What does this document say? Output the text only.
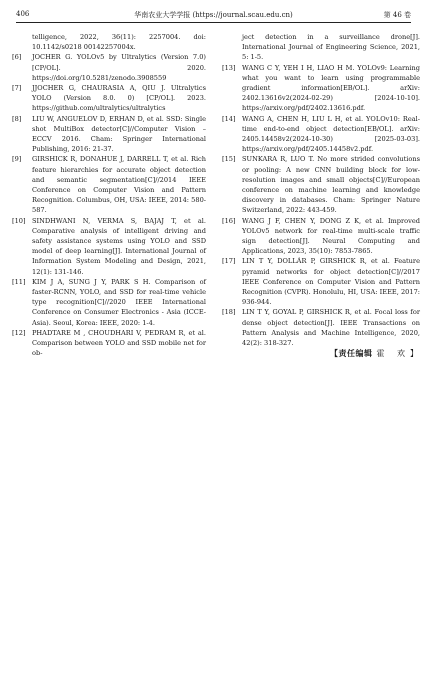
406	华南农业大学学报 (https://journal.scau.edu.cn)	第 46 卷
telligence, 2022, 36(11): 2257004. doi: 10.1142/s0218 00142257004x.
[6] JOCHER G. YOLOv5 by Ultralytics (Version 7.0) [CP/OL]. 2020. https://doi.org/10.5281/zenodo.3908559
[7] JJOCHER G, CHAURASIA A, QIU J. Ultralytics YOLO (Version 8.0. 0) [CP/OL]. 2023. https://github.com/ultralytics/ultralytics
[8] LIU W, ANGUELOV D, ERHAN D, et al. SSD: Single shot MultiBox detector[C]//Computer Vision – ECCV 2016. Cham: Springer International Publishing, 2016: 21-37.
[9] GIRSHICK R, DONAHUE J, DARRELL T, et al. Rich feature hierarchies for accurate object detection and semantic segmentation[C]//2014 IEEE Conference on Computer Vision and Pattern Recognition. Columbus, OH, USA: IEEE, 2014: 580-587.
[10] SINDHWANI N, VERMA S, BAJAJ T, et al. Comparative analysis of intelligent driving and safety assistance systems using YOLO and SSD model of deep learning[J]. International Journal of Information System Modeling and Design, 2021, 12(1): 131-146.
[11] KIM J A, SUNG J Y, PARK S H. Comparison of faster-RCNN, YOLO, and SSD for real-time vehicle type recognition[C]//2020 IEEE International Conference on Consumer Electronics - Asia (ICCE-Asia). Seoul, Korea: IEEE, 2020: 1-4.
[12] PHADTARE M , CHOUDHARI V, PEDRAM R, et al. Comparison between YOLO and SSD mobile net for ob-
ject detection in a surveillance drone[J]. International Journal of Engineering Science, 2021, 5: 1-5.
[13] WANG C Y, YEH I H, LIAO H M. YOLOv9: Learning what you want to learn using programmable gradient information[EB/OL]. arXiv: 2402.13616v2(2024-02-29) [2024-10-10]. https://arxiv.org/pdf/2402.13616.pdf.
[14] WANG A, CHEN H, LIU L H, et al. YOLOv10: Real-time end-to-end object detection[EB/OL]. arXiv: 2405.14458v2(2024-10-30) [2025-03-03]. https://arxiv.org/pdf/2405.14458v2.pdf.
[15] SUNKARA R, LUO T. No more strided convolutions or pooling: A new CNN building block for low-resolution images and small objects[C]//European conference on machine learning and knowledge discovery in databases. Cham: Springer Nature Switzerland, 2022: 443-459.
[16] WANG J F, CHEN Y, DONG Z K, et al. Improved YOLOv5 network for real-time multi-scale traffic sign detection[J]. Neural Computing and Applications, 2023, 35(10): 7853-7865.
[17] LIN T Y, DOLLÁR P, GIRSHICK R, et al. Feature pyramid networks for object detection[C]//2017 IEEE Conference on Computer Vision and Pattern Recognition (CVPR). Honolulu, HI, USA: IEEE, 2017: 936-944.
[18] LIN T Y, GOYAL P, GIRSHICK R, et al. Focal loss for dense object detection[J]. IEEE Transactions on Pattern Analysis and Machine Intelligence, 2020, 42(2): 318-327.
【责任编辑 霍 欢】
